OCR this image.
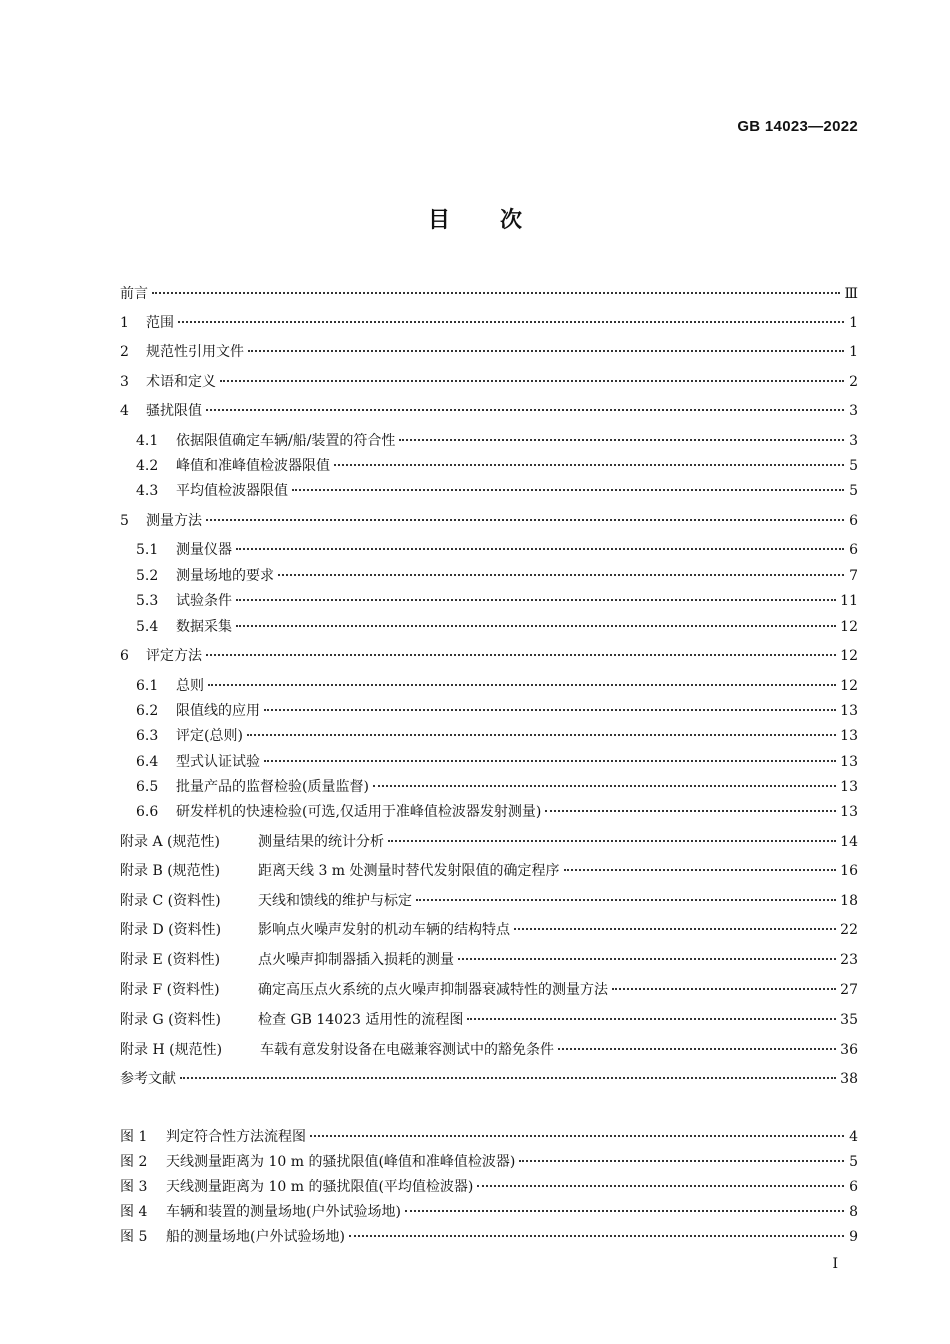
GB 14023—2022
目次
前言	Ⅲ
1	范围	1
2	规范性引用文件	1
3	术语和定义	2
4	骚扰限值	3
4.1	依据限值确定车辆/船/装置的符合性	3
4.2	峰值和准峰值检波器限值	5
4.3	平均值检波器限值	5
5	测量方法	6
5.1	测量仪器	6
5.2	测量场地的要求	7
5.3	试验条件	11
5.4	数据采集	12
6	评定方法	12
6.1	总则	12
6.2	限值线的应用	13
6.3	评定(总则)	13
6.4	型式认证试验	13
6.5	批量产品的监督检验(质量监督)	13
6.6	研发样机的快速检验(可选,仅适用于准峰值检波器发射测量)	13
附录 A (规范性)	测量结果的统计分析	14
附录 B (规范性)	距离天线 3 m 处测量时替代发射限值的确定程序	16
附录 C (资料性)	天线和馈线的维护与标定	18
附录 D (资料性)	影响点火噪声发射的机动车辆的结构特点	22
附录 E (资料性)	点火噪声抑制器插入损耗的测量	23
附录 F (资料性)	确定高压点火系统的点火噪声抑制器衰减特性的测量方法	27
附录 G (资料性)	检查 GB 14023 适用性的流程图	35
附录 H (规范性)	车载有意发射设备在电磁兼容测试中的豁免条件	36
参考文献	38
图 1	判定符合性方法流程图	4
图 2	天线测量距离为 10 m 的骚扰限值(峰值和准峰值检波器)	5
图 3	天线测量距离为 10 m 的骚扰限值(平均值检波器)	6
图 4	车辆和装置的测量场地(户外试验场地)	8
图 5	船的测量场地(户外试验场地)	9
I
